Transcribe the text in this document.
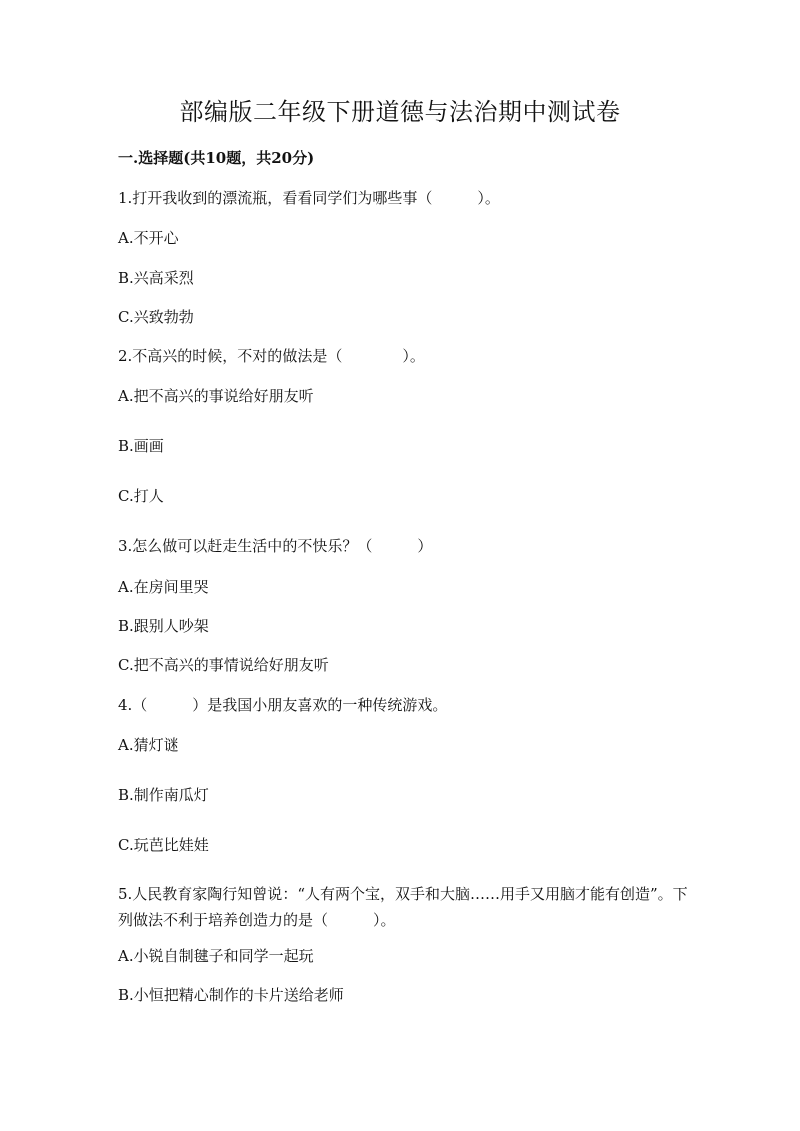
部编版二年级下册道德与法治期中测试卷
一.选择题(共10题，共20分)
1.打开我收到的漂流瓶，看看同学们为哪些事（　　　）。
A.不开心
B.兴高采烈
C.兴致勃勃
2.不高兴的时候，不对的做法是（　　　　）。
A.把不高兴的事说给好朋友听
B.画画
C.打人
3.怎么做可以赶走生活中的不快乐？（　　　）
A.在房间里哭
B.跟别人吵架
C.把不高兴的事情说给好朋友听
4.（　　　）是我国小朋友喜欢的一种传统游戏。
A.猜灯谜
B.制作南瓜灯
C.玩芭比娃娃
5.人民教育家陶行知曾说：“人有两个宝，双手和大脑……用手又用脑才能有创造”。下列做法不利于培养创造力的是（　　　）。
A.小锐自制毽子和同学一起玩
B.小恒把精心制作的卡片送给老师
